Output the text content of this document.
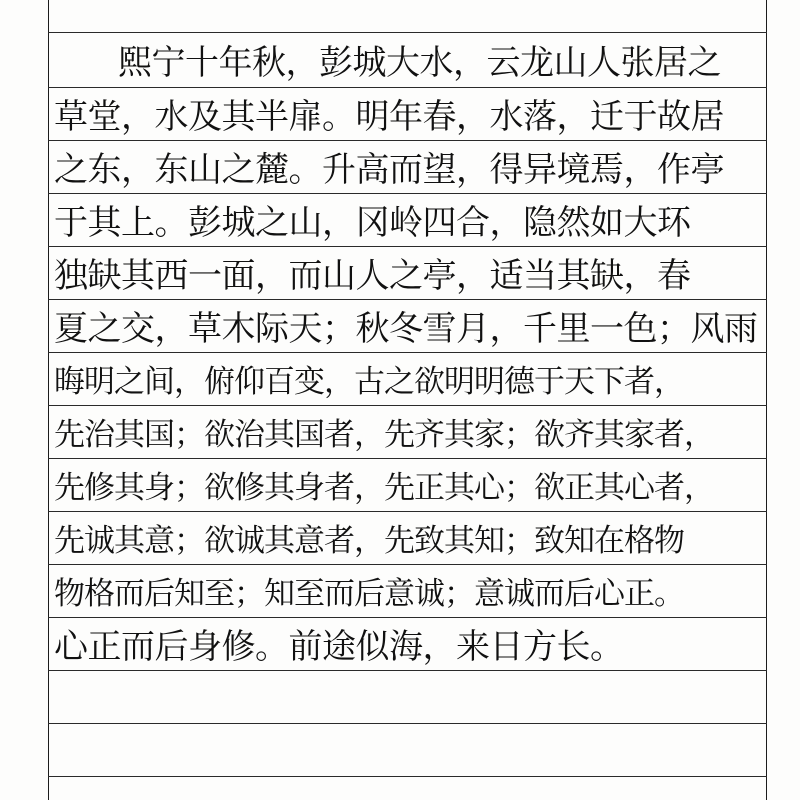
熙宁十年秋，彭城大水，云龙山人张居之
草堂，水及其半扉。明年春，水落，迁于故居
之东，东山之麓。升高而望，得异境焉，作亭
于其上。彭城之山，冈岭四合，隐然如大环
独缺其西一面，而山人之亭，适当其缺，春
夏之交，草木际天；秋冬雪月，千里一色；风雨
晦明之间，俯仰百变，古之欲明明德于天下者，
先治其国；欲治其国者，先齐其家；欲齐其家者，
先修其身；欲修其身者，先正其心；欲正其心者，
先诚其意；欲诚其意者，先致其知；致知在格物
物格而后知至；知至而后意诚；意诚而后心正。
心正而后身修。前途似海，来日方长。
